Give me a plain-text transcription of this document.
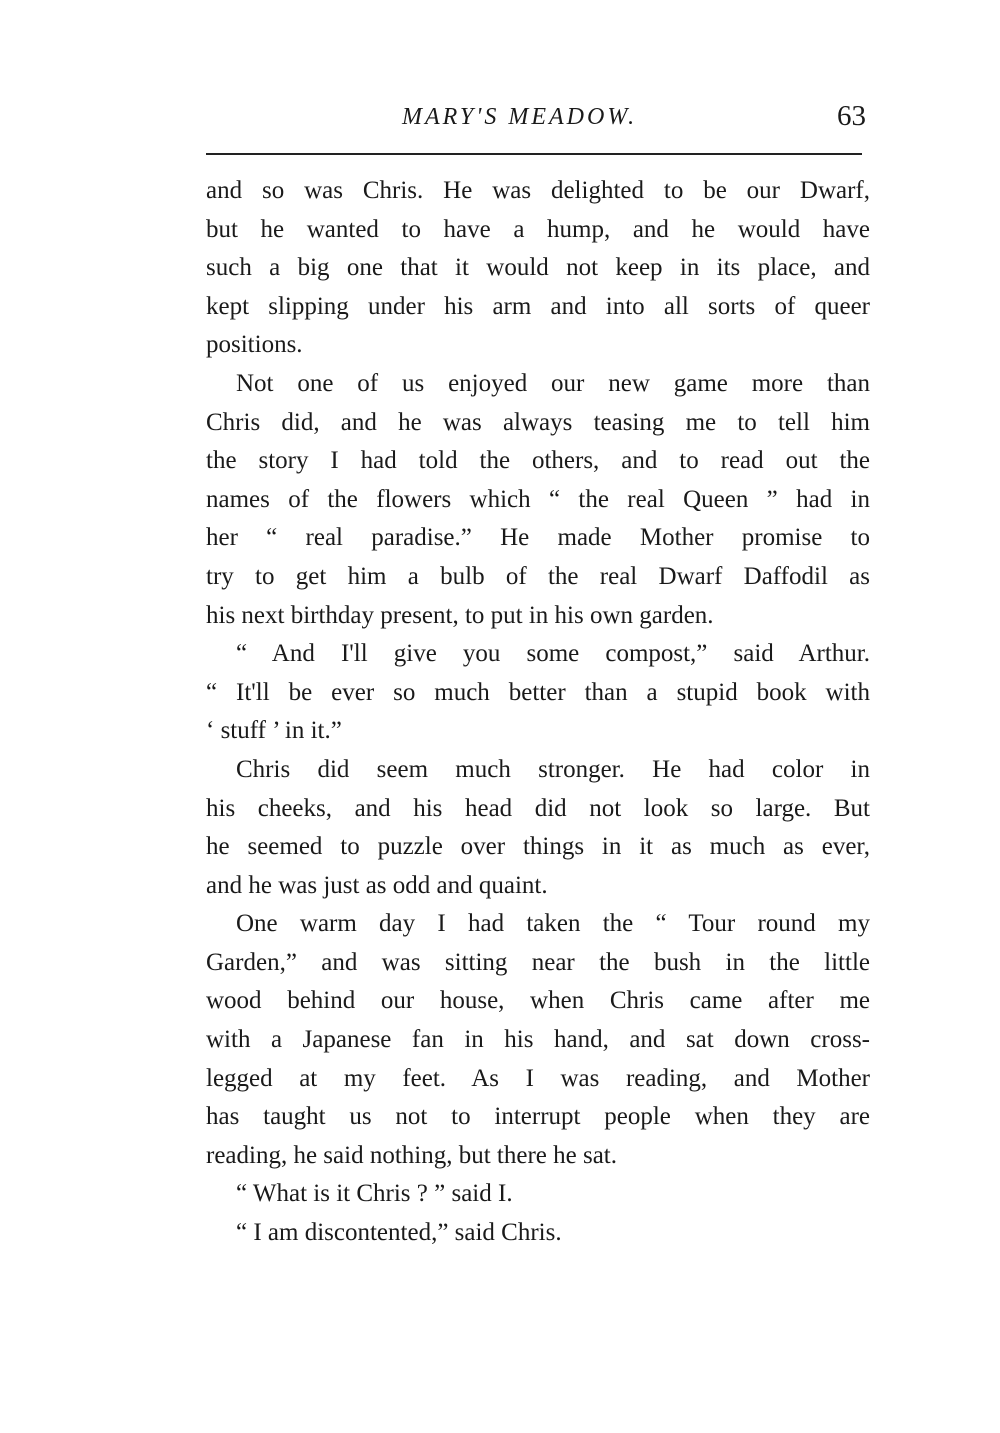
MARY'S MEADOW.	63
and so was Chris. He was delighted to be our Dwarf,
but he wanted to have a hump, and he would have
such a big one that it would not keep in its place, and
kept slipping under his arm and into all sorts of queer
positions.
Not one of us enjoyed our new game more than
Chris did, and he was always teasing me to tell him
the story I had told the others, and to read out the
names of the flowers which “ the real Queen ” had in
her “ real paradise.” He made Mother promise to
try to get him a bulb of the real Dwarf Daffodil as
his next birthday present, to put in his own garden.
“ And I'll give you some compost,” said Arthur.
“ It'll be ever so much better than a stupid book with
‘ stuff ’ in it.”
Chris did seem much stronger. He had color in
his cheeks, and his head did not look so large. But
he seemed to puzzle over things in it as much as ever,
and he was just as odd and quaint.
One warm day I had taken the “ Tour round my
Garden,” and was sitting near the bush in the little
wood behind our house, when Chris came after me
with a Japanese fan in his hand, and sat down cross-
legged at my feet. As I was reading, and Mother
has taught us not to interrupt people when they are
reading, he said nothing, but there he sat.
“ What is it Chris ? ” said I.
“ I am discontented,” said Chris.
